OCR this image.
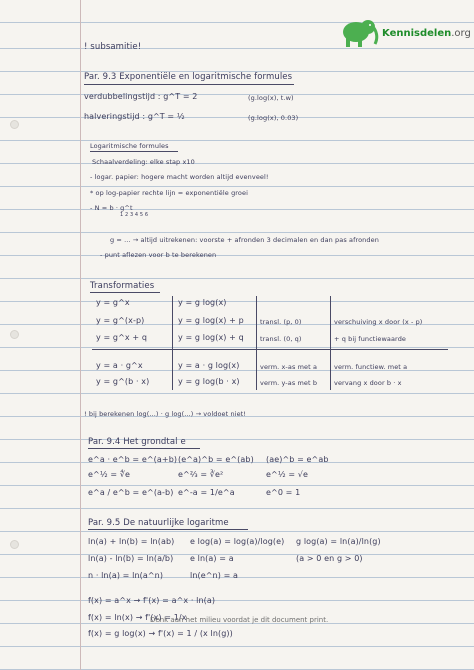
Kennisdelen.org
! subsamitie!
Par. 9.3 Exponentiële en logaritmische formules
verdubbelingstijd : g^T = 2	(g.log(x), t.w)
halveringstijd : g^T = ½	(g.log(x), 0.03)
Logaritmische formules
Schaalverdeling: elke stap x10
- logar. papier: hogere macht worden altijd evenveel!
* op log-papier rechte lijn = exponentiële groei
- N = b · g^t
1 2 3 4 5 6
g = ... → altijd uitrekenen: voorste + afronden 3 decimalen en dan pas afronden
- punt aflezen voor b te berekenen
Transformaties
y = g^x	y = g log(x)
y = g^(x-p)	y = g log(x) + p transl. (p, 0)	verschuiving x door (x - p)
y = g^x + q	y = g log(x) + q transl. (0, q)	+ q bij functiewaarde
y = a · g^x	y = a · g log(x)	verm. x-as met a	verm. functiew. met a
y = g^(b · x)	y = g log(b · x)	verm. y-as met b	vervang x door b · x
! bij berekenen log(...) · g log(...) → voldoet niet!
Par. 9.4 Het grondtal e
e^a · e^b = e^(a+b) (e^a)^b = e^(ab) (ae)^b = e^ab
e^½ = ∜e	e^⅔ = ∛e²	e^½ = √e
e^a / e^b = e^(a-b) e^-a = 1/e^a	e^0 = 1
Par. 9.5 De natuurlijke logaritme
ln(a) + ln(b) = ln(ab) e log(a) = log(a)/log(e) g log(a) = ln(a)/ln(g)
ln(a) - ln(b) = ln(a/b) e ln(a) = a	(a > 0 en g > 0)
n · ln(a) = ln(a^n)	ln(e^n) = a
f(x) = a^x → f'(x) = a^x · ln(a)
f(x) = ln(x) → f'(x) = 1/x
f(x) = g log(x) → f'(x) = 1 / (x ln(g))
Denk aan het milieu voordat je dit document print.
